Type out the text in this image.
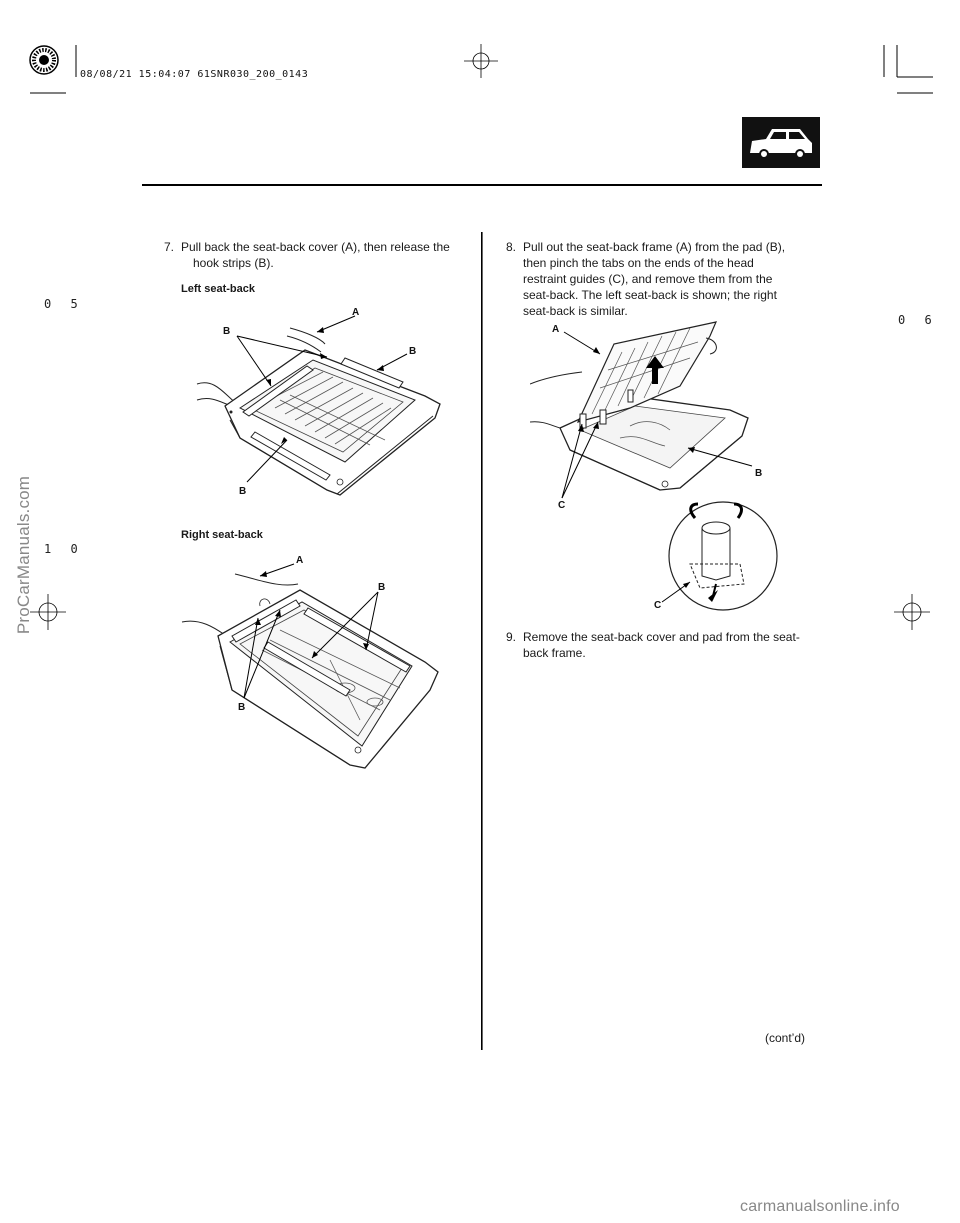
08/08/21 15:04:07 61SNR030_200_0143
0 5
0 6
1 0
ProCarManuals.com
7. Pull back the seat-back cover (A), then release the
hook strips (B).
Left seat-back
A
B
B
B
Right seat-back
A
B
B
8. Pull out the seat-back frame (A) from the pad (B),
then pinch the tabs on the ends of the head
restraint guides (C), and remove them from the
seat-back. The left seat-back is shown; the right
seat-back is similar.
A
B
C
C
9. Remove the seat-back cover and pad from the seat-
back frame.
(cont’d)
carmanualsonline.info
